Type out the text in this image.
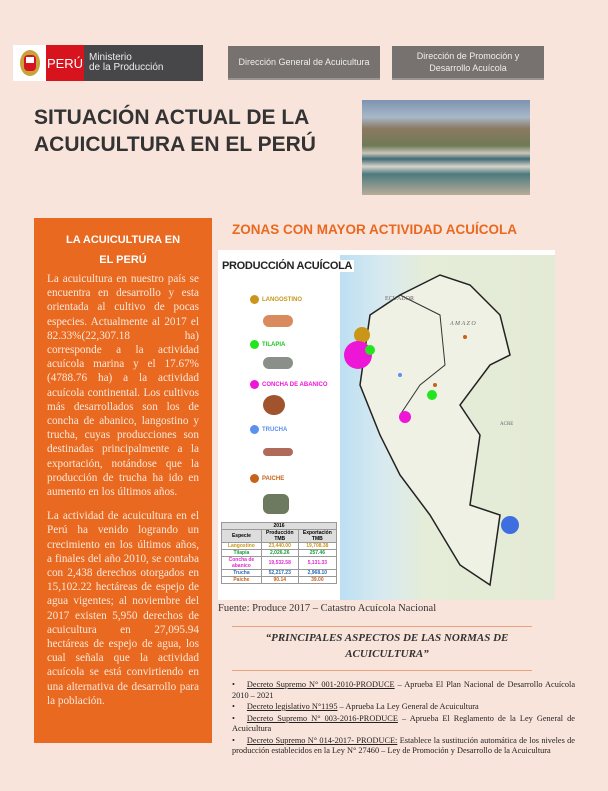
PERÚ Ministerio
de la Producción	Dirección General de Acuicultura
Dirección de Promoción y
Desarrollo Acuícola
SITUACIÓN ACTUAL DE LA
ACUICULTURA EN EL PERÚ
LA ACUICULTURA EN
EL PERÚ

La acuicultura en nuestro país se encuentra en desarrollo y esta orientada al cultivo de pocas especies. Actualmente al 2017 el 82.33%(22,307.18 ha) corresponde a la actividad acuícola marina y el 17.67%(4788.76 ha) a la actividad acuícola continental. Los cultivos más desarrollados son los de concha de abanico, langostino y trucha, cuyas producciones son destinadas principalmente a la exportación, notándose que la producción de trucha ha ido en aumento en los últimos años.

La actividad de acuicultura en el Perú ha venido logrando un crecimiento en los últimos años, a finales del año 2010, se contaba con 2,438 derechos otorgados en 15,102.22 hectáreas de espejo de agua vigentes; al noviembre del 2017 existen 5,950 derechos de acuicultura en 27,095.94 hectáreas de espejo de agua, los cual señala que la actividad acuícola se está convirtiendo en una alternativa de desarrollo para la población.

ZONAS CON MAYOR ACTIVIDAD ACUÍCOLA
ECUADOR
A M A Z O
ACRE
PRODUCCIÓN ACUÍCOLA
LANGOSTINO
TILAPIA
CONCHA DE ABANICO
TRUCHA
PAICHE
2016		
Especie	Producción TMB	Exportación TMB
Langostino	23,440.00	19,708.38
Tilapia	2,026.26	257.46
Concha de abanico	19,532.58	5,131.33
Trucha	52,217.23	2,968.10
Paiche	90.14	39.00
Fuente: Produce 2017 – Catastro Acuícola Nacional
“PRINCIPALES ASPECTOS DE LAS NORMAS DE
ACUICULTURA”
• Decreto Supremo N° 001-2010-PRODUCE – Aprueba El Plan Nacional de Desarrollo Acuícola 2010 – 2021
• Decreto legislativo N°1195 – Aprueba La Ley General de Acuicultura
• Decreto Supremo N° 003-2016-PRODUCE – Aprueba El Reglamento de la Ley General de Acuicultura
• Decreto Supremo N° 014-2017- PRODUCE: Establece la sustitución automática de los niveles de producción establecidos en la Ley N° 27460 – Ley de Promoción y Desarrollo de la Acuicultura
